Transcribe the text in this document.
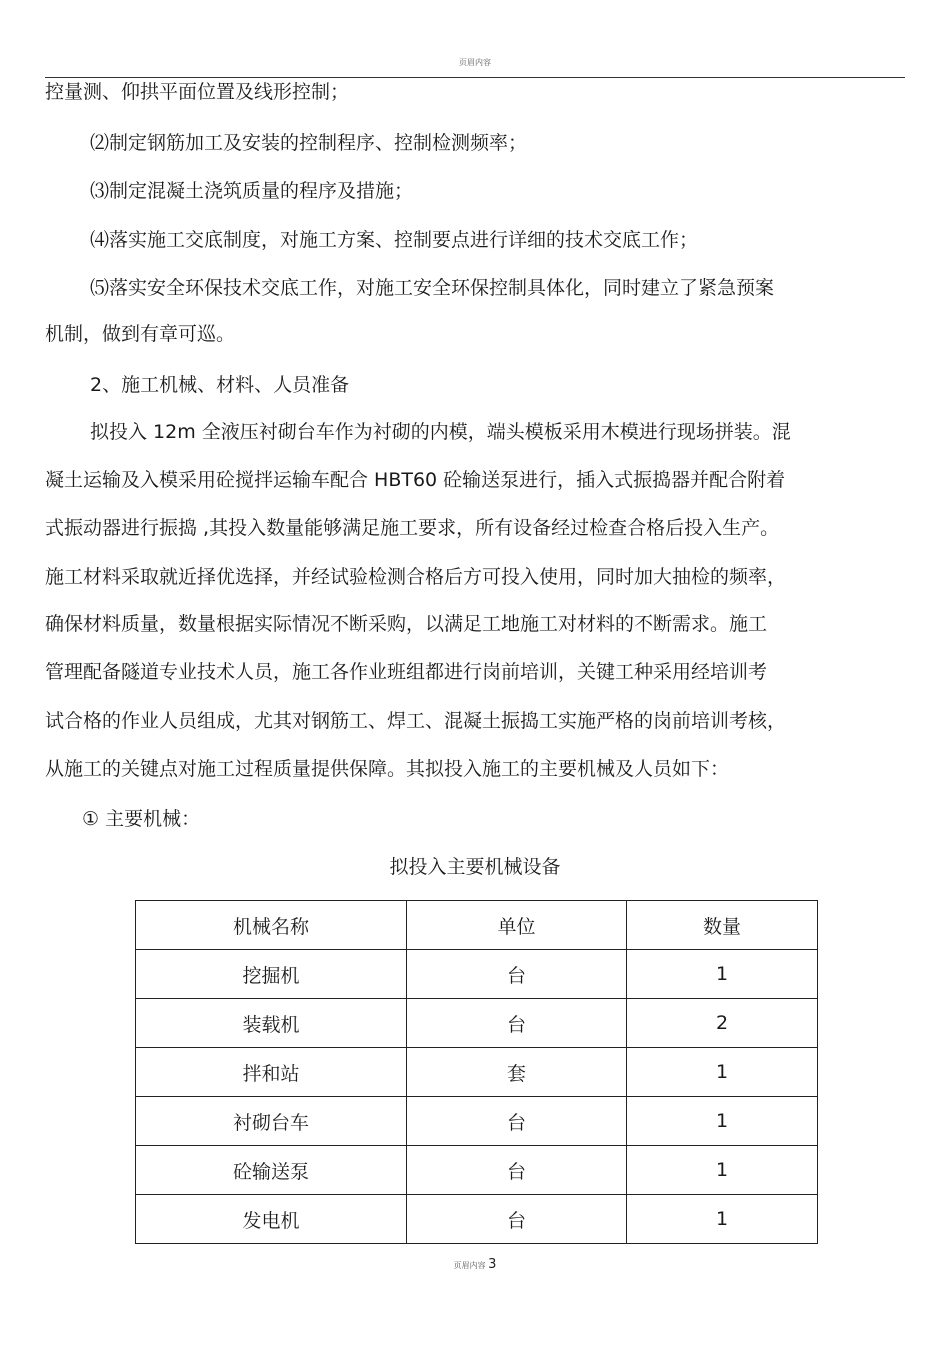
页眉内容
控量测、仰拱平面位置及线形控制；
⑵制定钢筋加工及安装的控制程序、控制检测频率；
⑶制定混凝土浇筑质量的程序及措施；
⑷落实施工交底制度，对施工方案、控制要点进行详细的技术交底工作；
⑸落实安全环保技术交底工作，对施工安全环保控制具体化，同时建立了紧急预案
机制，做到有章可巡。
2、施工机械、材料、人员准备
拟投入 12m 全液压衬砌台车作为衬砌的内模，端头模板采用木模进行现场拼装。混
凝土运输及入模采用砼搅拌运输车配合 HBT60 砼输送泵进行，插入式振捣器并配合附着
式振动器进行振捣 ,其投入数量能够满足施工要求，所有设备经过检查合格后投入生产。
施工材料采取就近择优选择，并经试验检测合格后方可投入使用，同时加大抽检的频率，
确保材料质量，数量根据实际情况不断采购，以满足工地施工对材料的不断需求。施工
管理配备隧道专业技术人员，施工各作业班组都进行岗前培训，关键工种采用经培训考
试合格的作业人员组成，尤其对钢筋工、焊工、混凝土振捣工实施严格的岗前培训考核，
从施工的关键点对施工过程质量提供保障。其拟投入施工的主要机械及人员如下：
① 主要机械：
拟投入主要机械设备
机械名称	单位	数量
挖掘机	台	1
装载机	台	2
拌和站	套	1
衬砌台车	台	1
砼输送泵	台	1
发电机	台	1
页眉内容 3
